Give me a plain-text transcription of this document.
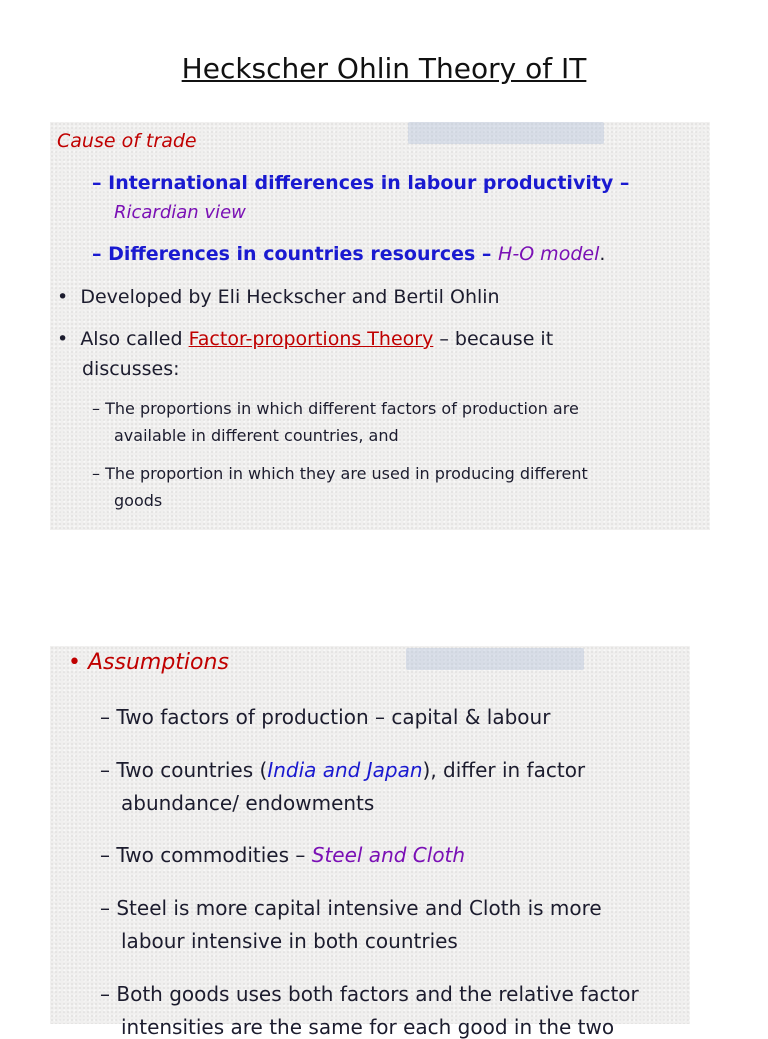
Heckscher Ohlin Theory of IT
Cause of trade
– International differences in labour productivity –
Ricardian view
– Differences in countries resources – H-O model.
• Developed by Eli Heckscher and Bertil Ohlin
• Also called Factor-proportions Theory – because it
discusses:
– The proportions in which different factors of production are
available in different countries, and
– The proportion in which they are used in producing different
goods
• Assumptions
– Two factors of production – capital & labour
– Two countries (India and Japan), differ in factor
abundance/ endowments
– Two commodities – Steel and Cloth
– Steel is more capital intensive and Cloth is more
labour intensive in both countries
– Both goods uses both factors and the relative factor
intensities are the same for each good in the two
